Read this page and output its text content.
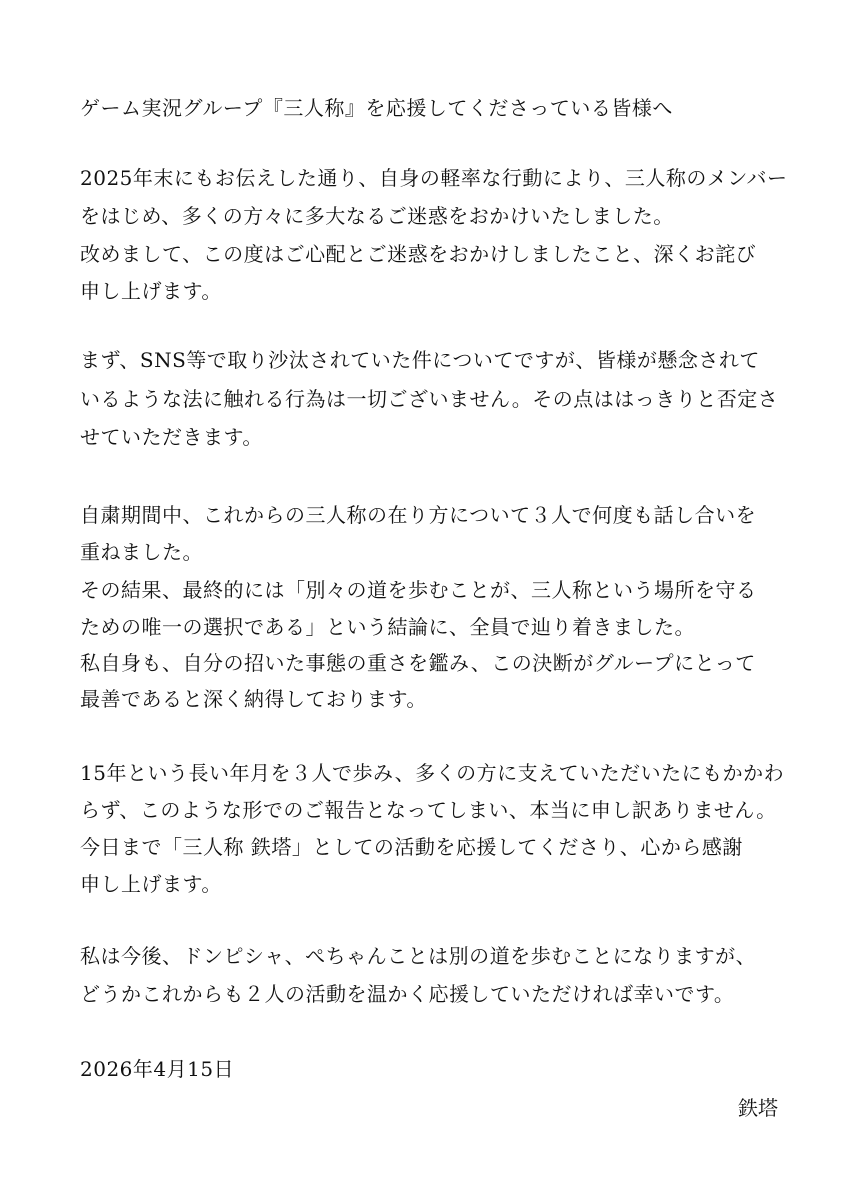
ゲーム実況グループ『三人称』を応援してくださっている皆様へ
2025年末にもお伝えした通り、自身の軽率な行動により、三人称のメンバー
をはじめ、多くの方々に多大なるご迷惑をおかけいたしました。
改めまして、この度はご心配とご迷惑をおかけしましたこと、深くお詫び
申し上げます。
まず、SNS等で取り沙汰されていた件についてですが、皆様が懸念されて
いるような法に触れる行為は一切ございません。その点ははっきりと否定さ
せていただきます。
自粛期間中、これからの三人称の在り方について３人で何度も話し合いを
重ねました。
その結果、最終的には「別々の道を歩むことが、三人称という場所を守る
ための唯一の選択である」という結論に、全員で辿り着きました。
私自身も、自分の招いた事態の重さを鑑み、この決断がグループにとって
最善であると深く納得しております。
15年という長い年月を３人で歩み、多くの方に支えていただいたにもかかわ
らず、このような形でのご報告となってしまい、本当に申し訳ありません。
今日まで「三人称 鉄塔」としての活動を応援してくださり、心から感謝
申し上げます。
私は今後、ドンピシャ、ぺちゃんことは別の道を歩むことになりますが、
どうかこれからも２人の活動を温かく応援していただければ幸いです。
2026年4月15日
鉄塔
